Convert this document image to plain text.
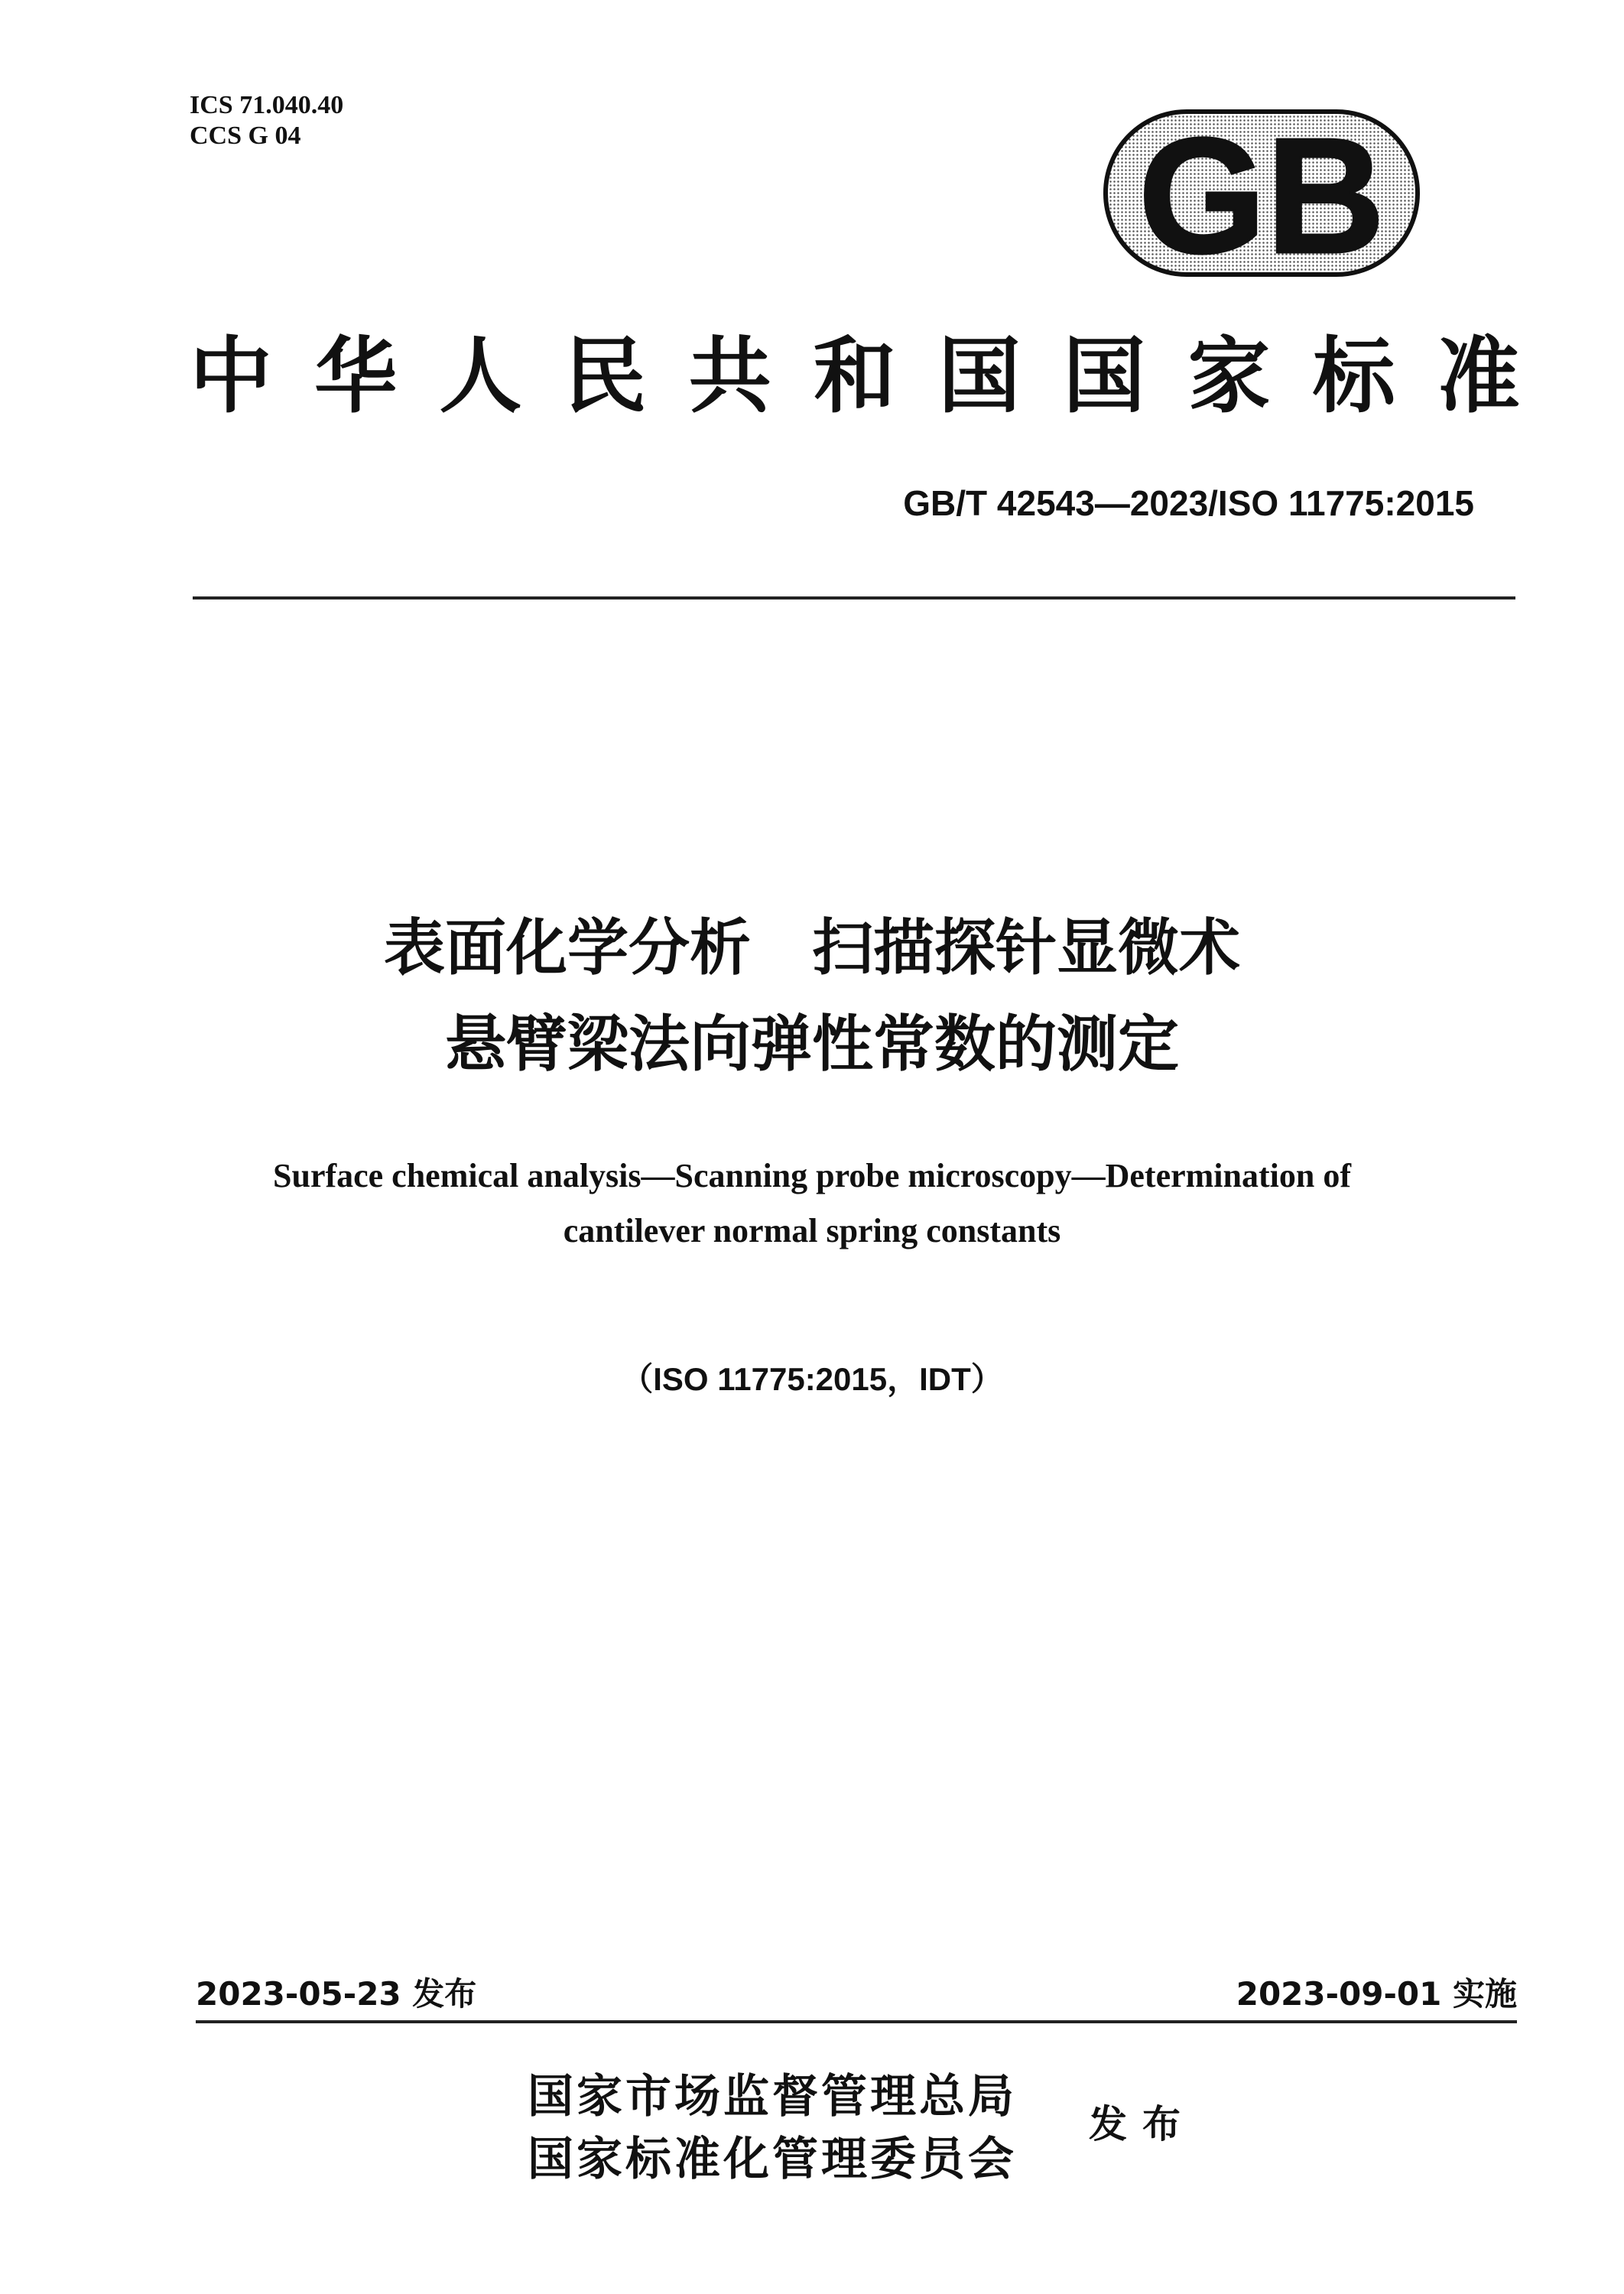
ICS 71.040.40
CCS G 04	GB
中 华 人 民 共 和 国 国 家 标 准
GB/T 42543—2023/ISO 11775:2015
表面化学分析　扫描探针显微术
悬臂梁法向弹性常数的测定
Surface chemical analysis—Scanning probe microscopy—Determination of
cantilever normal spring constants
（ISO 11775:2015，IDT）
2023-05-23 发布	2023-09-01 实施
国家市场监督管理总局
国家标准化管理委员会
发布
